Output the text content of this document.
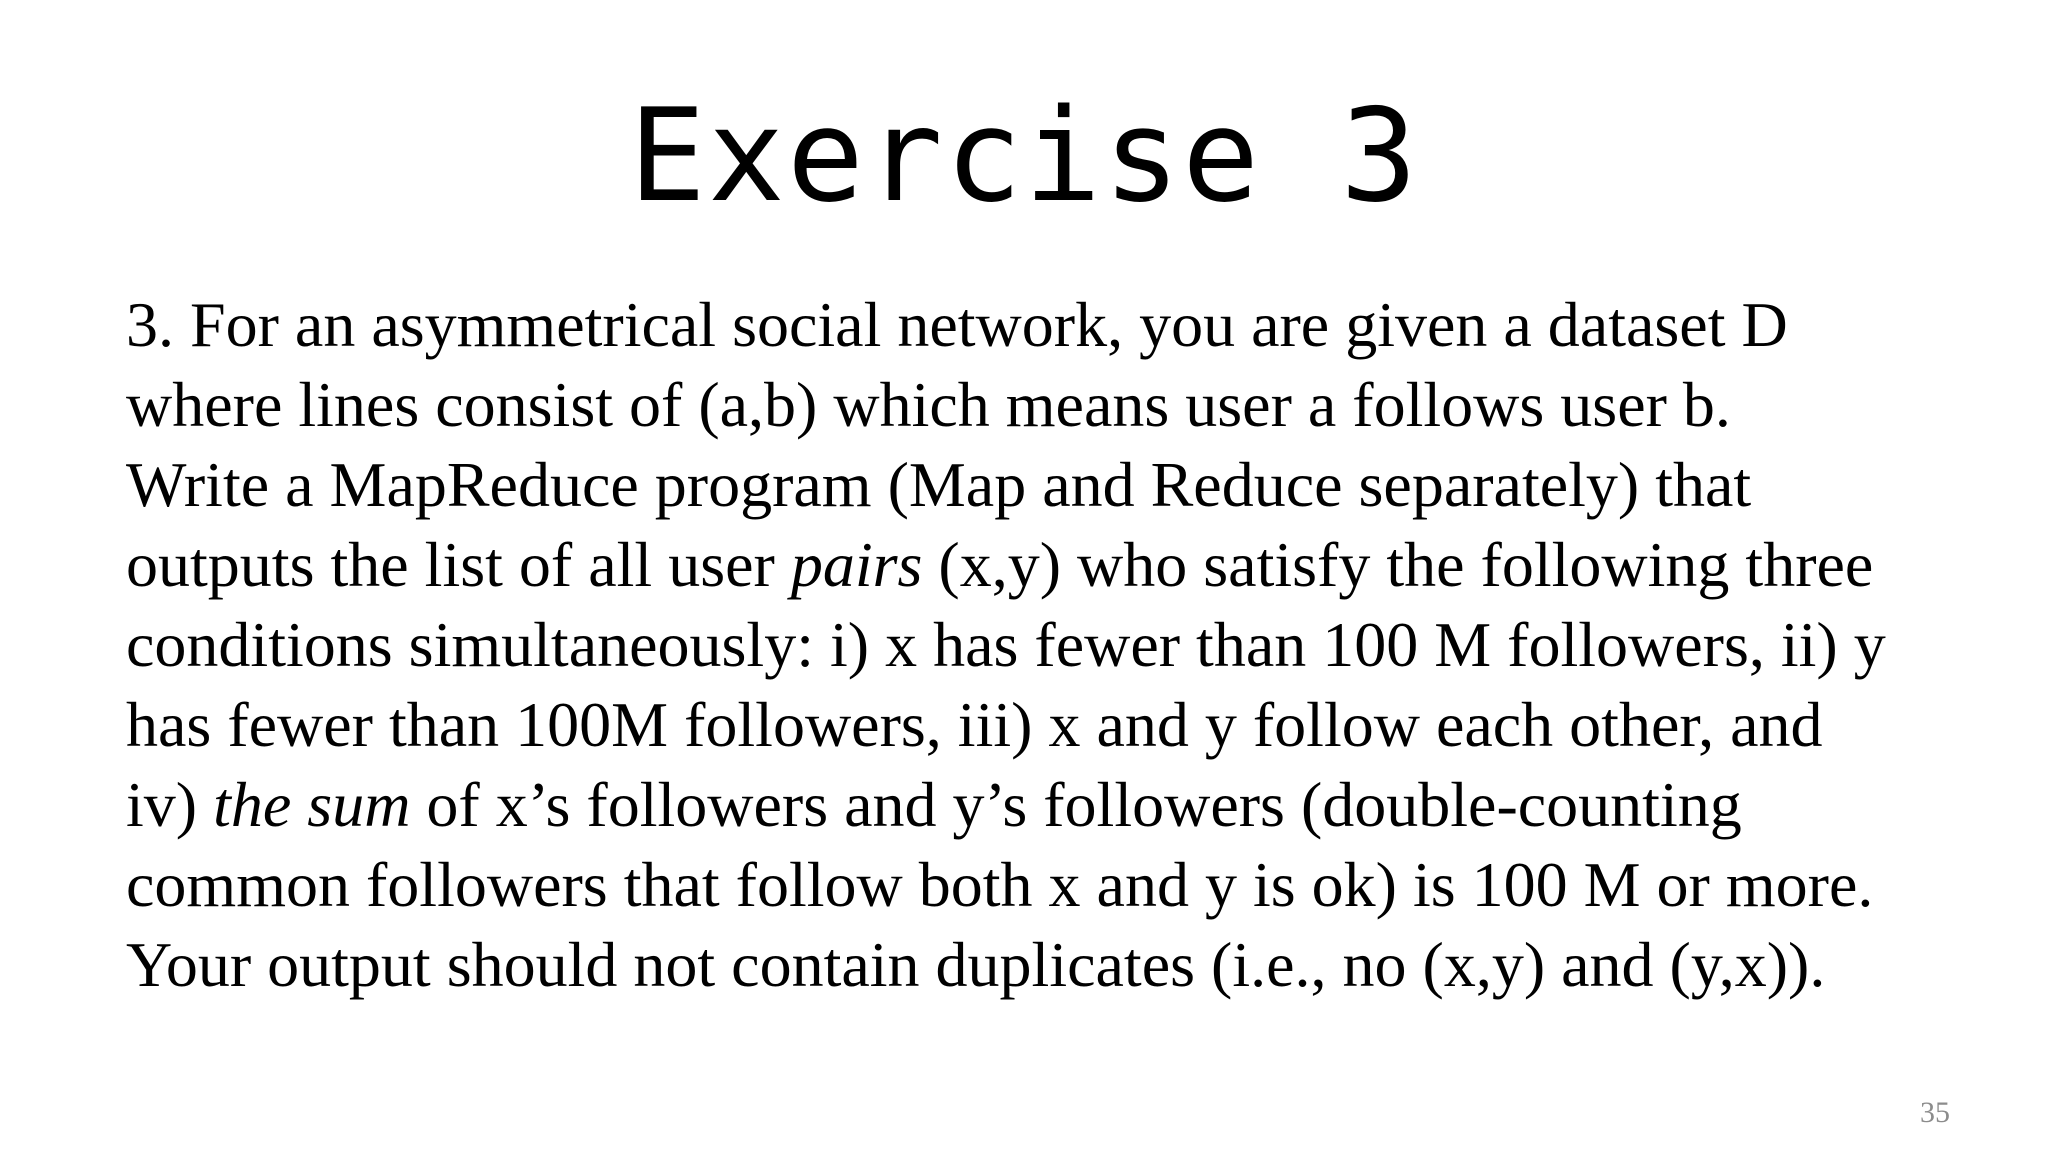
Exercise 3

3. For an asymmetrical social network, you are given a dataset D
where lines consist of (a,b) which means user a follows user b.
Write a MapReduce program (Map and Reduce separately) that
outputs the list of all user pairs (x,y) who satisfy the following three
conditions simultaneously: i) x has fewer than 100 M followers, ii) y
has fewer than 100M followers, iii) x and y follow each other, and
iv) the sum of x’s followers and y’s followers (double-counting
common followers that follow both x and y is ok) is 100 M or more.
Your output should not contain duplicates (i.e., no (x,y) and (y,x)).

35
